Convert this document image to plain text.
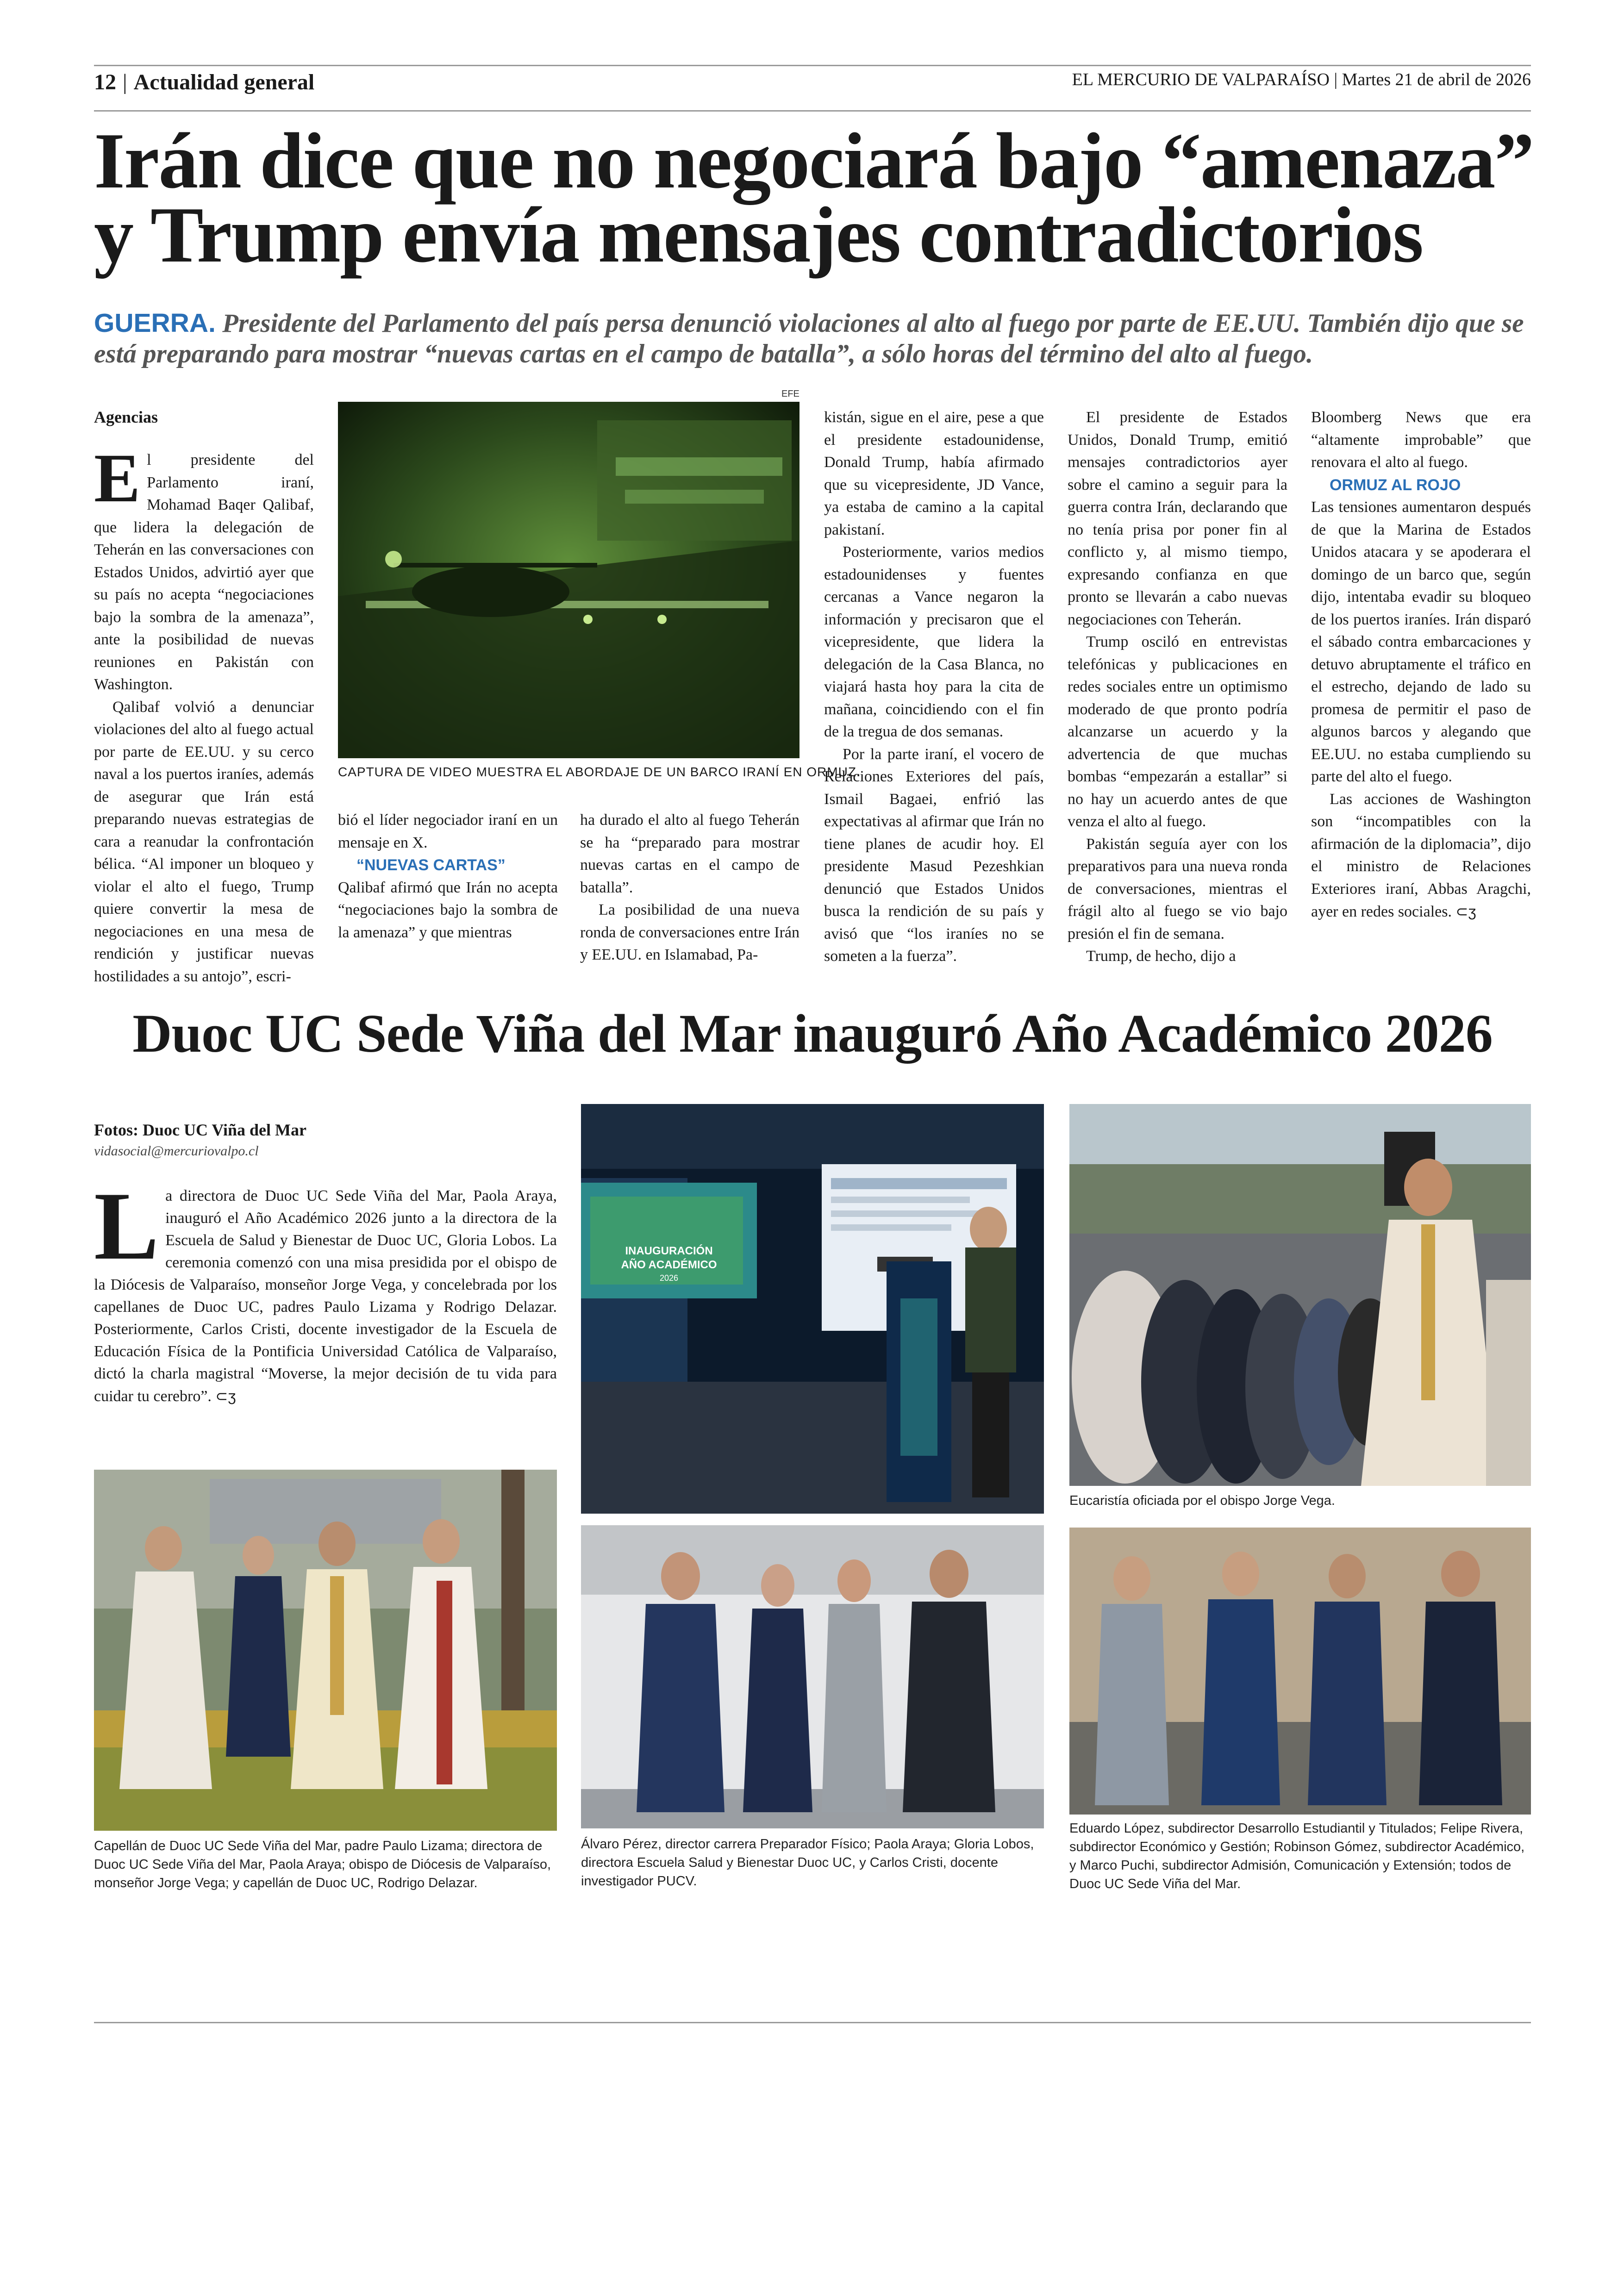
12 | Actualidad general	EL MERCURIO DE VALPARAÍSO | Martes 21 de abril de 2026
Irán dice que no negociará bajo “amenaza”
y Trump envía mensajes contradictorios
GUERRA. Presidente del Parlamento del país persa denunció violaciones al alto al fuego por parte de EE.UU. También dijo que se está preparando para mostrar “nuevas cartas en el campo de batalla”, a sólo horas del término del alto al fuego.
Agencias

El presidente del Parlamento iraní, Mohamad Baqer Qalibaf, que lidera la delegación de Teherán en las conversaciones con Estados Unidos, advirtió ayer que su país no acepta “negociaciones bajo la sombra de la amenaza”, ante la posibilidad de nuevas reuniones en Pakistán con Washington.

Qalibaf volvió a denunciar violaciones del alto al fuego actual por parte de EE.UU. y su cerco naval a los puertos iraníes, además de asegurar que Irán está preparando nuevas estrategias de cara a reanudar la confrontación bélica. “Al imponer un bloqueo y violar el alto el fuego, Trump quiere convertir la mesa de negociaciones en una mesa de rendición y justificar nuevas hostilidades a su antojo”, escri-

EFE
CAPTURA DE VIDEO MUESTRA EL ABORDAJE DE UN BARCO IRANÍ EN ORMUZ.

bió el líder negociador iraní en un mensaje en X.

“NUEVAS CARTAS”

Qalibaf afirmó que Irán no acepta “negociaciones bajo la sombra de la amenaza” y que mientras

ha durado el alto al fuego Teherán se ha “preparado para mostrar nuevas cartas en el campo de batalla”.

La posibilidad de una nueva ronda de conversaciones entre Irán y EE.UU. en Islamabad, Pa-

kistán, sigue en el aire, pese a que el presidente estadounidense, Donald Trump, había afirmado que su vicepresidente, JD Vance, ya estaba de camino a la capital pakistaní.

Posteriormente, varios medios estadounidenses y fuentes cercanas a Vance negaron la información y precisaron que el vicepresidente, que lidera la delegación de la Casa Blanca, no viajará hasta hoy para la cita de mañana, coincidiendo con el fin de la tregua de dos semanas.

Por la parte iraní, el vocero de Relaciones Exteriores del país, Ismail Bagaei, enfrió las expectativas al afirmar que Irán no tiene planes de acudir hoy. El presidente Masud Pezeshkian denunció que Estados Unidos busca la rendición de su país y avisó que “los iraníes no se someten a la fuerza”.

El presidente de Estados Unidos, Donald Trump, emitió mensajes contradictorios ayer sobre el camino a seguir para la guerra contra Irán, declarando que no tenía prisa por poner fin al conflicto y, al mismo tiempo, expresando confianza en que pronto se llevarán a cabo nuevas negociaciones con Teherán.

Trump osciló en entrevistas telefónicas y publicaciones en redes sociales entre un optimismo moderado de que pronto podría alcanzarse un acuerdo y la advertencia de que muchas bombas “empezarán a estallar” si no hay un acuerdo antes de que venza el alto al fuego.

Pakistán seguía ayer con los preparativos para una nueva ronda de conversaciones, mientras el frágil alto al fuego se vio bajo presión el fin de semana.

Trump, de hecho, dijo a

Bloomberg News que era “altamente improbable” que renovara el alto al fuego.

ORMUZ AL ROJO

Las tensiones aumentaron después de que la Marina de Estados Unidos atacara y se apoderara el domingo de un barco que, según dijo, intentaba evadir su bloqueo de los puertos iraníes. Irán disparó el sábado contra embarcaciones y detuvo abruptamente el tráfico en el estrecho, dejando de lado su promesa de permitir el paso de algunos barcos y alegando que EE.UU. no estaba cumpliendo su parte del alto el fuego.

Las acciones de Washington son “incompatibles con la afirmación de la diplomacia”, dijo el ministro de Relaciones Exteriores iraní, Abbas Aragchi, ayer en redes sociales. ⊂ʒ

Duoc UC Sede Viña del Mar inauguró Año Académico 2026
Fotos: Duoc UC Viña del Mar
vidasocial@mercuriovalpo.cl

La directora de Duoc UC Sede Viña del Mar, Paola Araya, inauguró el Año Académico 2026 junto a la directora de la Escuela de Salud y Bienestar de Duoc UC, Gloria Lobos. La ceremonia comenzó con una misa presidida por el obispo de la Diócesis de Valparaíso, monseñor Jorge Vega, y concelebrada por los capellanes de Duoc UC, padres Paulo Lizama y Rodrigo Delazar. Posteriormente, Carlos Cristi, docente investigador de la Escuela de Educación Física de la Pontificia Universidad Católica de Valparaíso, dictó la charla magistral “Moverse, la mejor decisión de tu vida para cuidar tu cerebro”. ⊂ʒ

INAUGURACIÓN
AÑO ACADÉMICO
2026
Eucaristía oficiada por el obispo Jorge Vega.
Capellán de Duoc UC Sede Viña del Mar, padre Paulo Lizama; directora de Duoc UC Sede Viña del Mar, Paola Araya; obispo de Diócesis de Valparaíso, monseñor Jorge Vega; y capellán de Duoc UC, Rodrigo Delazar.
Álvaro Pérez, director carrera Preparador Físico; Paola Araya; Gloria Lobos, directora Escuela Salud y Bienestar Duoc UC, y Carlos Cristi, docente investigador PUCV.
Eduardo López, subdirector Desarrollo Estudiantil y Titulados; Felipe Rivera, subdirector Económico y Gestión; Robinson Gómez, subdirector Académico, y Marco Puchi, subdirector Admisión, Comunicación y Extensión; todos de Duoc UC Sede Viña del Mar.
